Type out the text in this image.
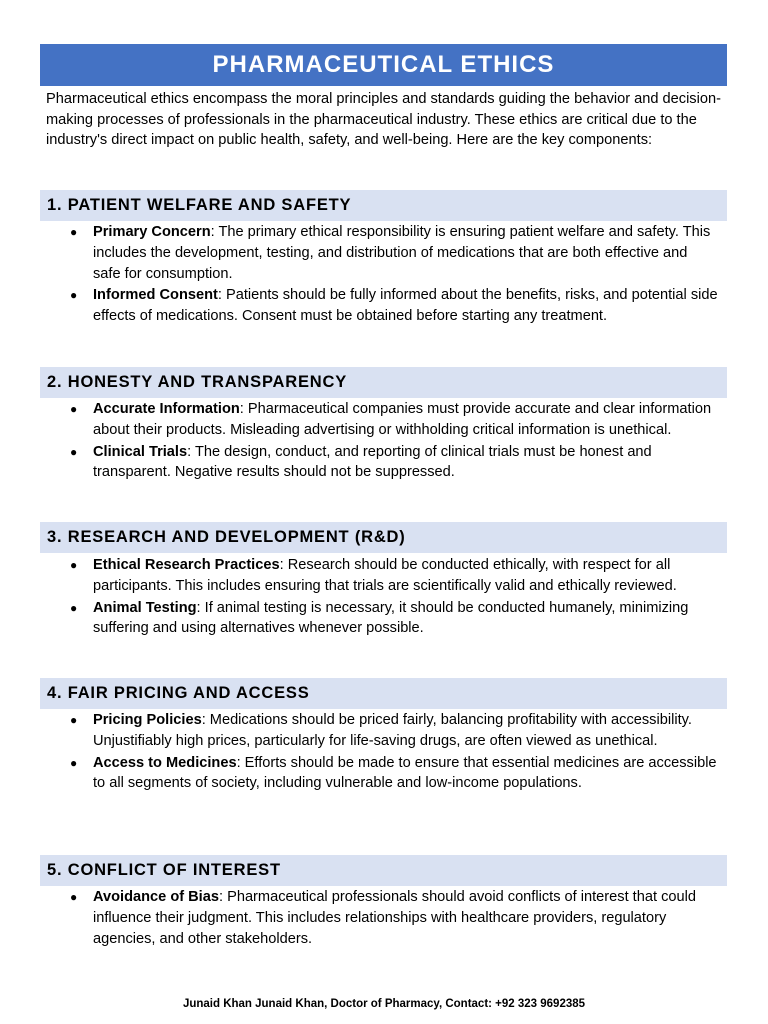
PHARMACEUTICAL ETHICS

Pharmaceutical ethics encompass the moral principles and standards guiding the behavior and decision-making processes of professionals in the pharmaceutical industry. These ethics are critical due to the industry's direct impact on public health, safety, and well-being. Here are the key components:

1. PATIENT WELFARE AND SAFETY
● Primary Concern: The primary ethical responsibility is ensuring patient welfare and safety. This includes the development, testing, and distribution of medications that are both effective and safe for consumption.
● Informed Consent: Patients should be fully informed about the benefits, risks, and potential side effects of medications. Consent must be obtained before starting any treatment.
2. HONESTY AND TRANSPARENCY
● Accurate Information: Pharmaceutical companies must provide accurate and clear information about their products. Misleading advertising or withholding critical information is unethical.
● Clinical Trials: The design, conduct, and reporting of clinical trials must be honest and transparent. Negative results should not be suppressed.
3. RESEARCH AND DEVELOPMENT (R&D)
● Ethical Research Practices: Research should be conducted ethically, with respect for all participants. This includes ensuring that trials are scientifically valid and ethically reviewed.
● Animal Testing: If animal testing is necessary, it should be conducted humanely, minimizing suffering and using alternatives whenever possible.
4. FAIR PRICING AND ACCESS
● Pricing Policies: Medications should be priced fairly, balancing profitability with accessibility. Unjustifiably high prices, particularly for life-saving drugs, are often viewed as unethical.
● Access to Medicines: Efforts should be made to ensure that essential medicines are accessible to all segments of society, including vulnerable and low-income populations.
5. CONFLICT OF INTEREST
● Avoidance of Bias: Pharmaceutical professionals should avoid conflicts of interest that could influence their judgment. This includes relationships with healthcare providers, regulatory agencies, and other stakeholders.
Junaid Khan Junaid Khan, Doctor of Pharmacy, Contact: +92 323 9692385
